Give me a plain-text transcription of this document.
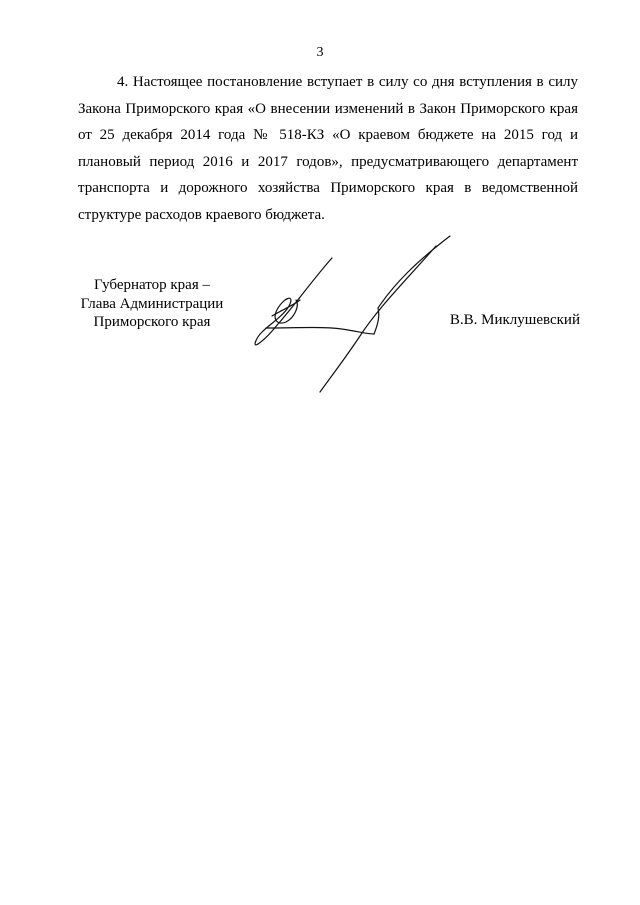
3

4. Настоящее постановление вступает в силу со дня вступления в силу Закона Приморского края «О внесении изменений в Закон Приморского края от 25 декабря 2014 года № 518-КЗ «О краевом бюджете на 2015 год и плановый период 2016 и 2017 годов», предусматривающего департамент транспорта и дорожного хозяйства Приморского края в ведомственной структуре расходов краевого бюджета.

Губернатор края –
Глава Администрации
Приморского края	В.В. Миклушевский
